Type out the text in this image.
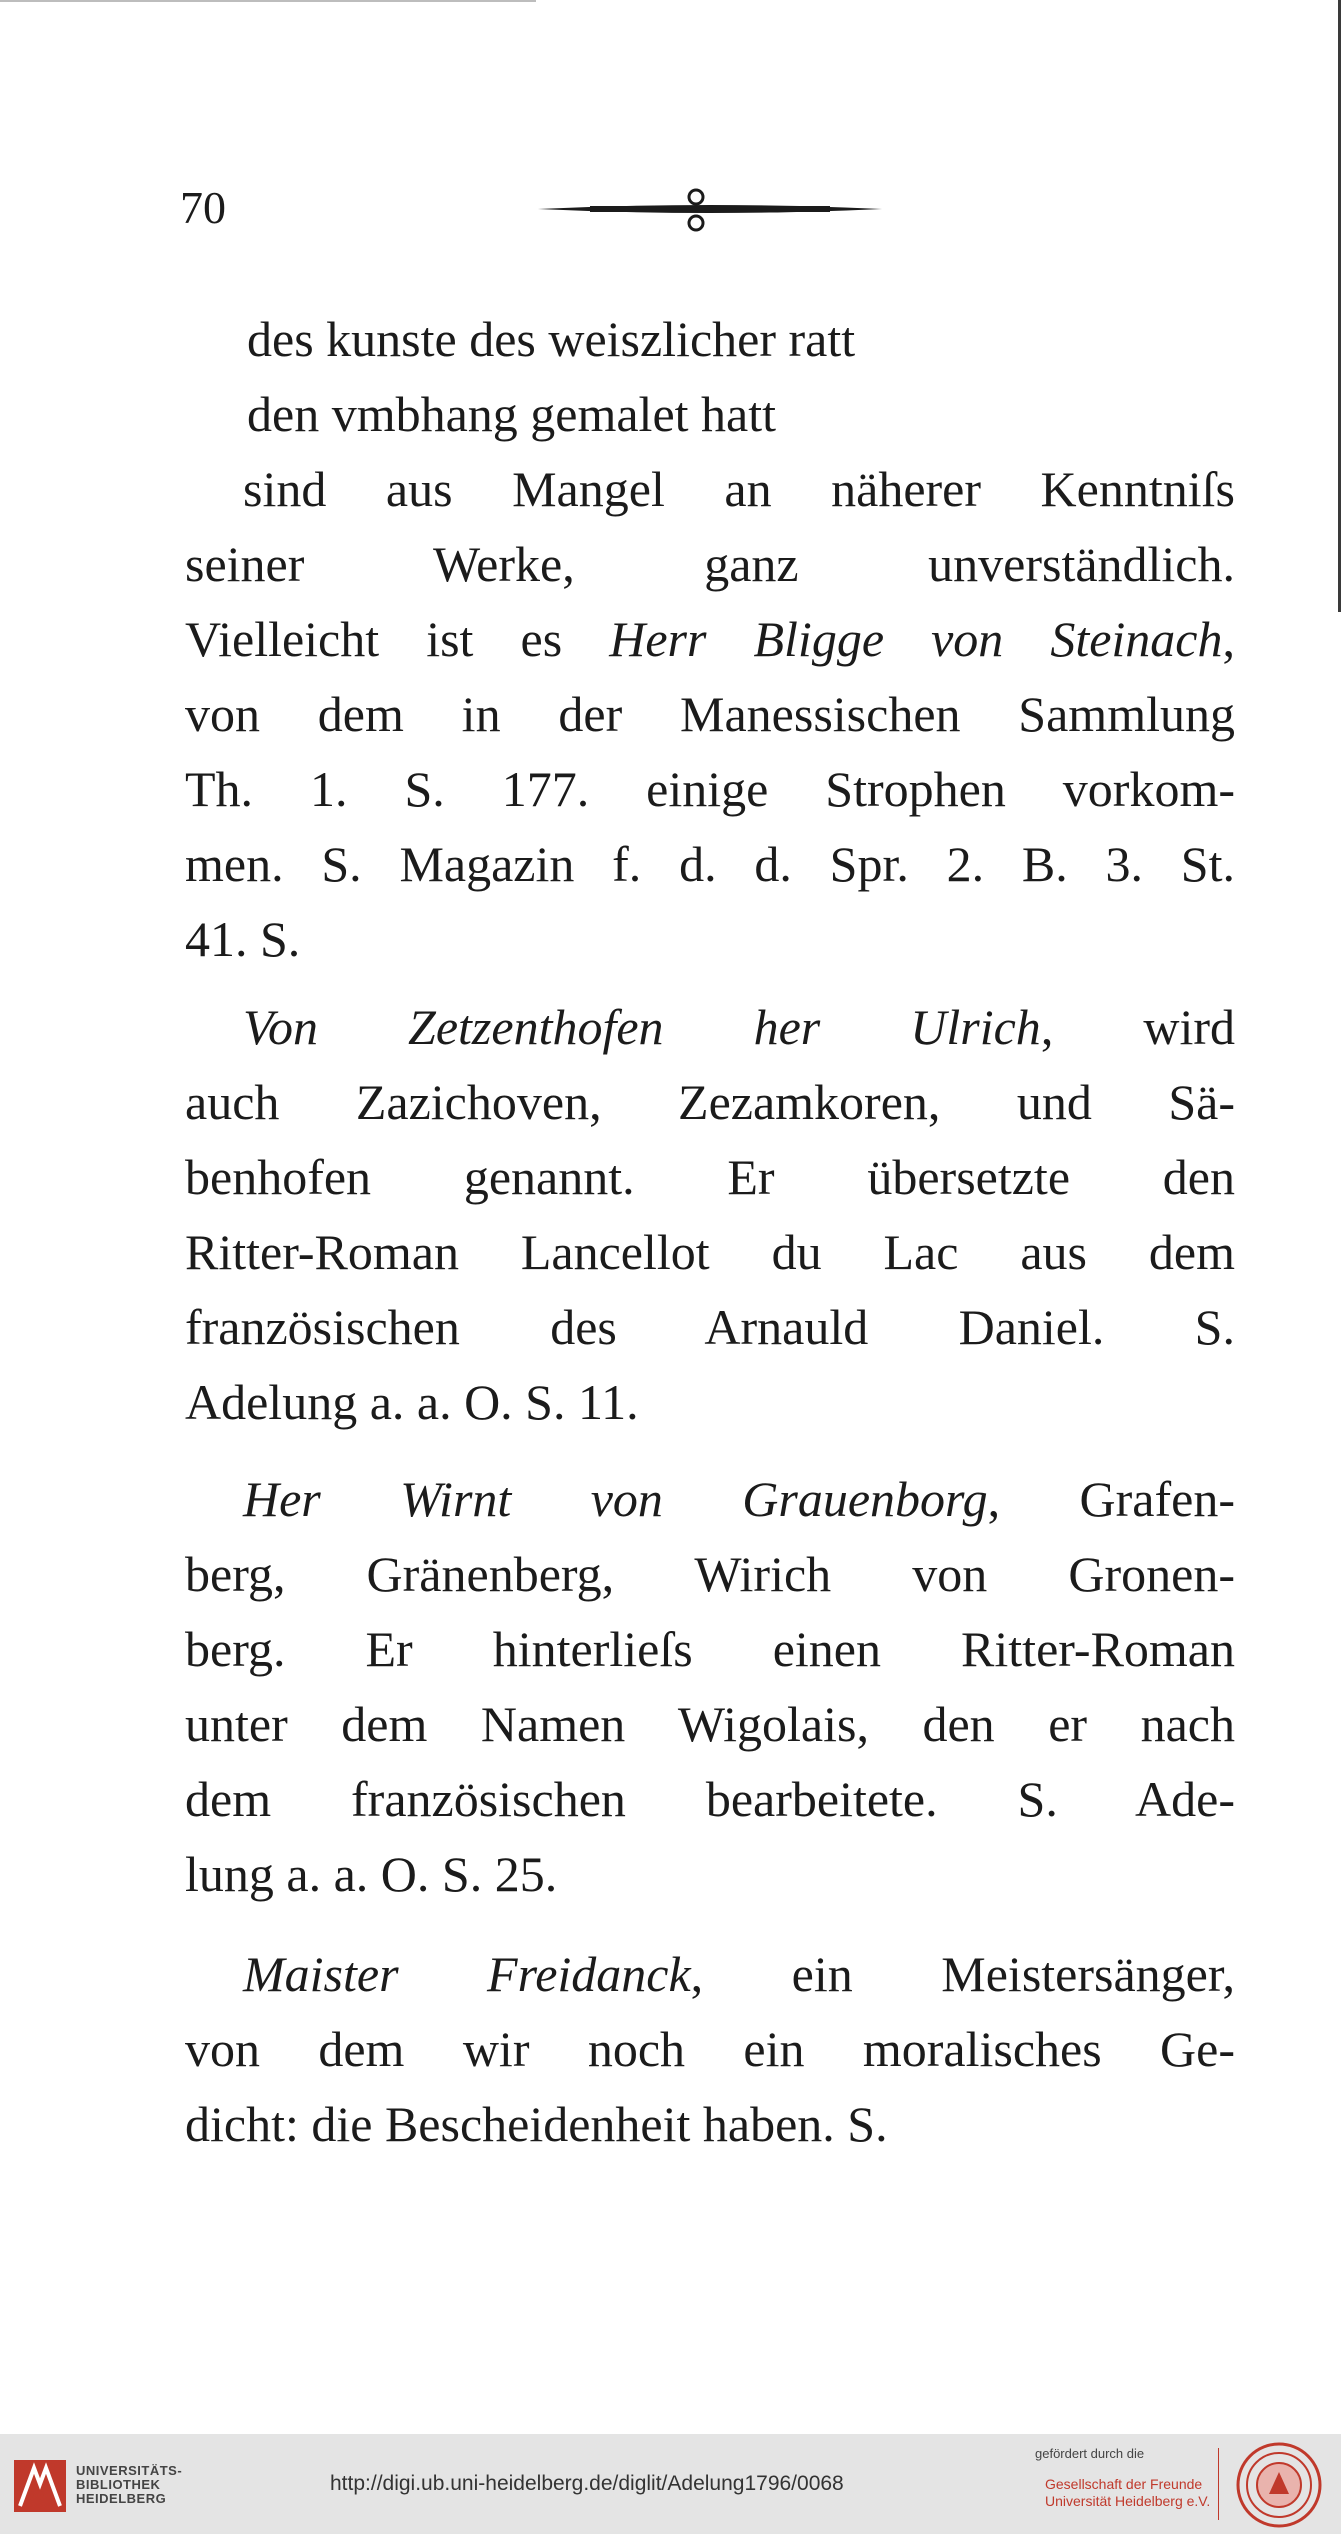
70
des kunste des weiszlicher ratt
den vmbhang gemalet hatt
sind aus Mangel an näherer Kenntniſs
seiner Werke, ganz unverständlich.
Vielleicht ist es Herr Bligge von Steinach,
von dem in der Manessischen Sammlung
Th. 1. S. 177. einige Strophen vorkom-
men. S. Magazin f. d. d. Spr. 2. B. 3. St.
41. S.
Von Zetzenthofen her Ulrich, wird
auch Zazichoven, Zezamkoren, und Sä-
benhofen genannt. Er übersetzte den
Ritter-Roman Lancellot du Lac aus dem
französischen des Arnauld Daniel. S.
Adelung a. a. O. S. 11.
Her Wirnt von Grauenborg, Grafen-
berg, Gränenberg, Wirich von Gronen-
berg. Er hinterlieſs einen Ritter-Roman
unter dem Namen Wigolais, den er nach
dem französischen bearbeitete. S. Ade-
lung a. a. O. S. 25.
Maister Freidanck, ein Meistersänger,
von dem wir noch ein moralisches Ge-
dicht: die Bescheidenheit haben. S.
UNIVERSITÄTS-
BIBLIOTHEK
HEIDELBERG
http://digi.ub.uni-heidelberg.de/diglit/Adelung1796/0068
gefördert durch die
Gesellschaft der Freunde
Universität Heidelberg e.V.
